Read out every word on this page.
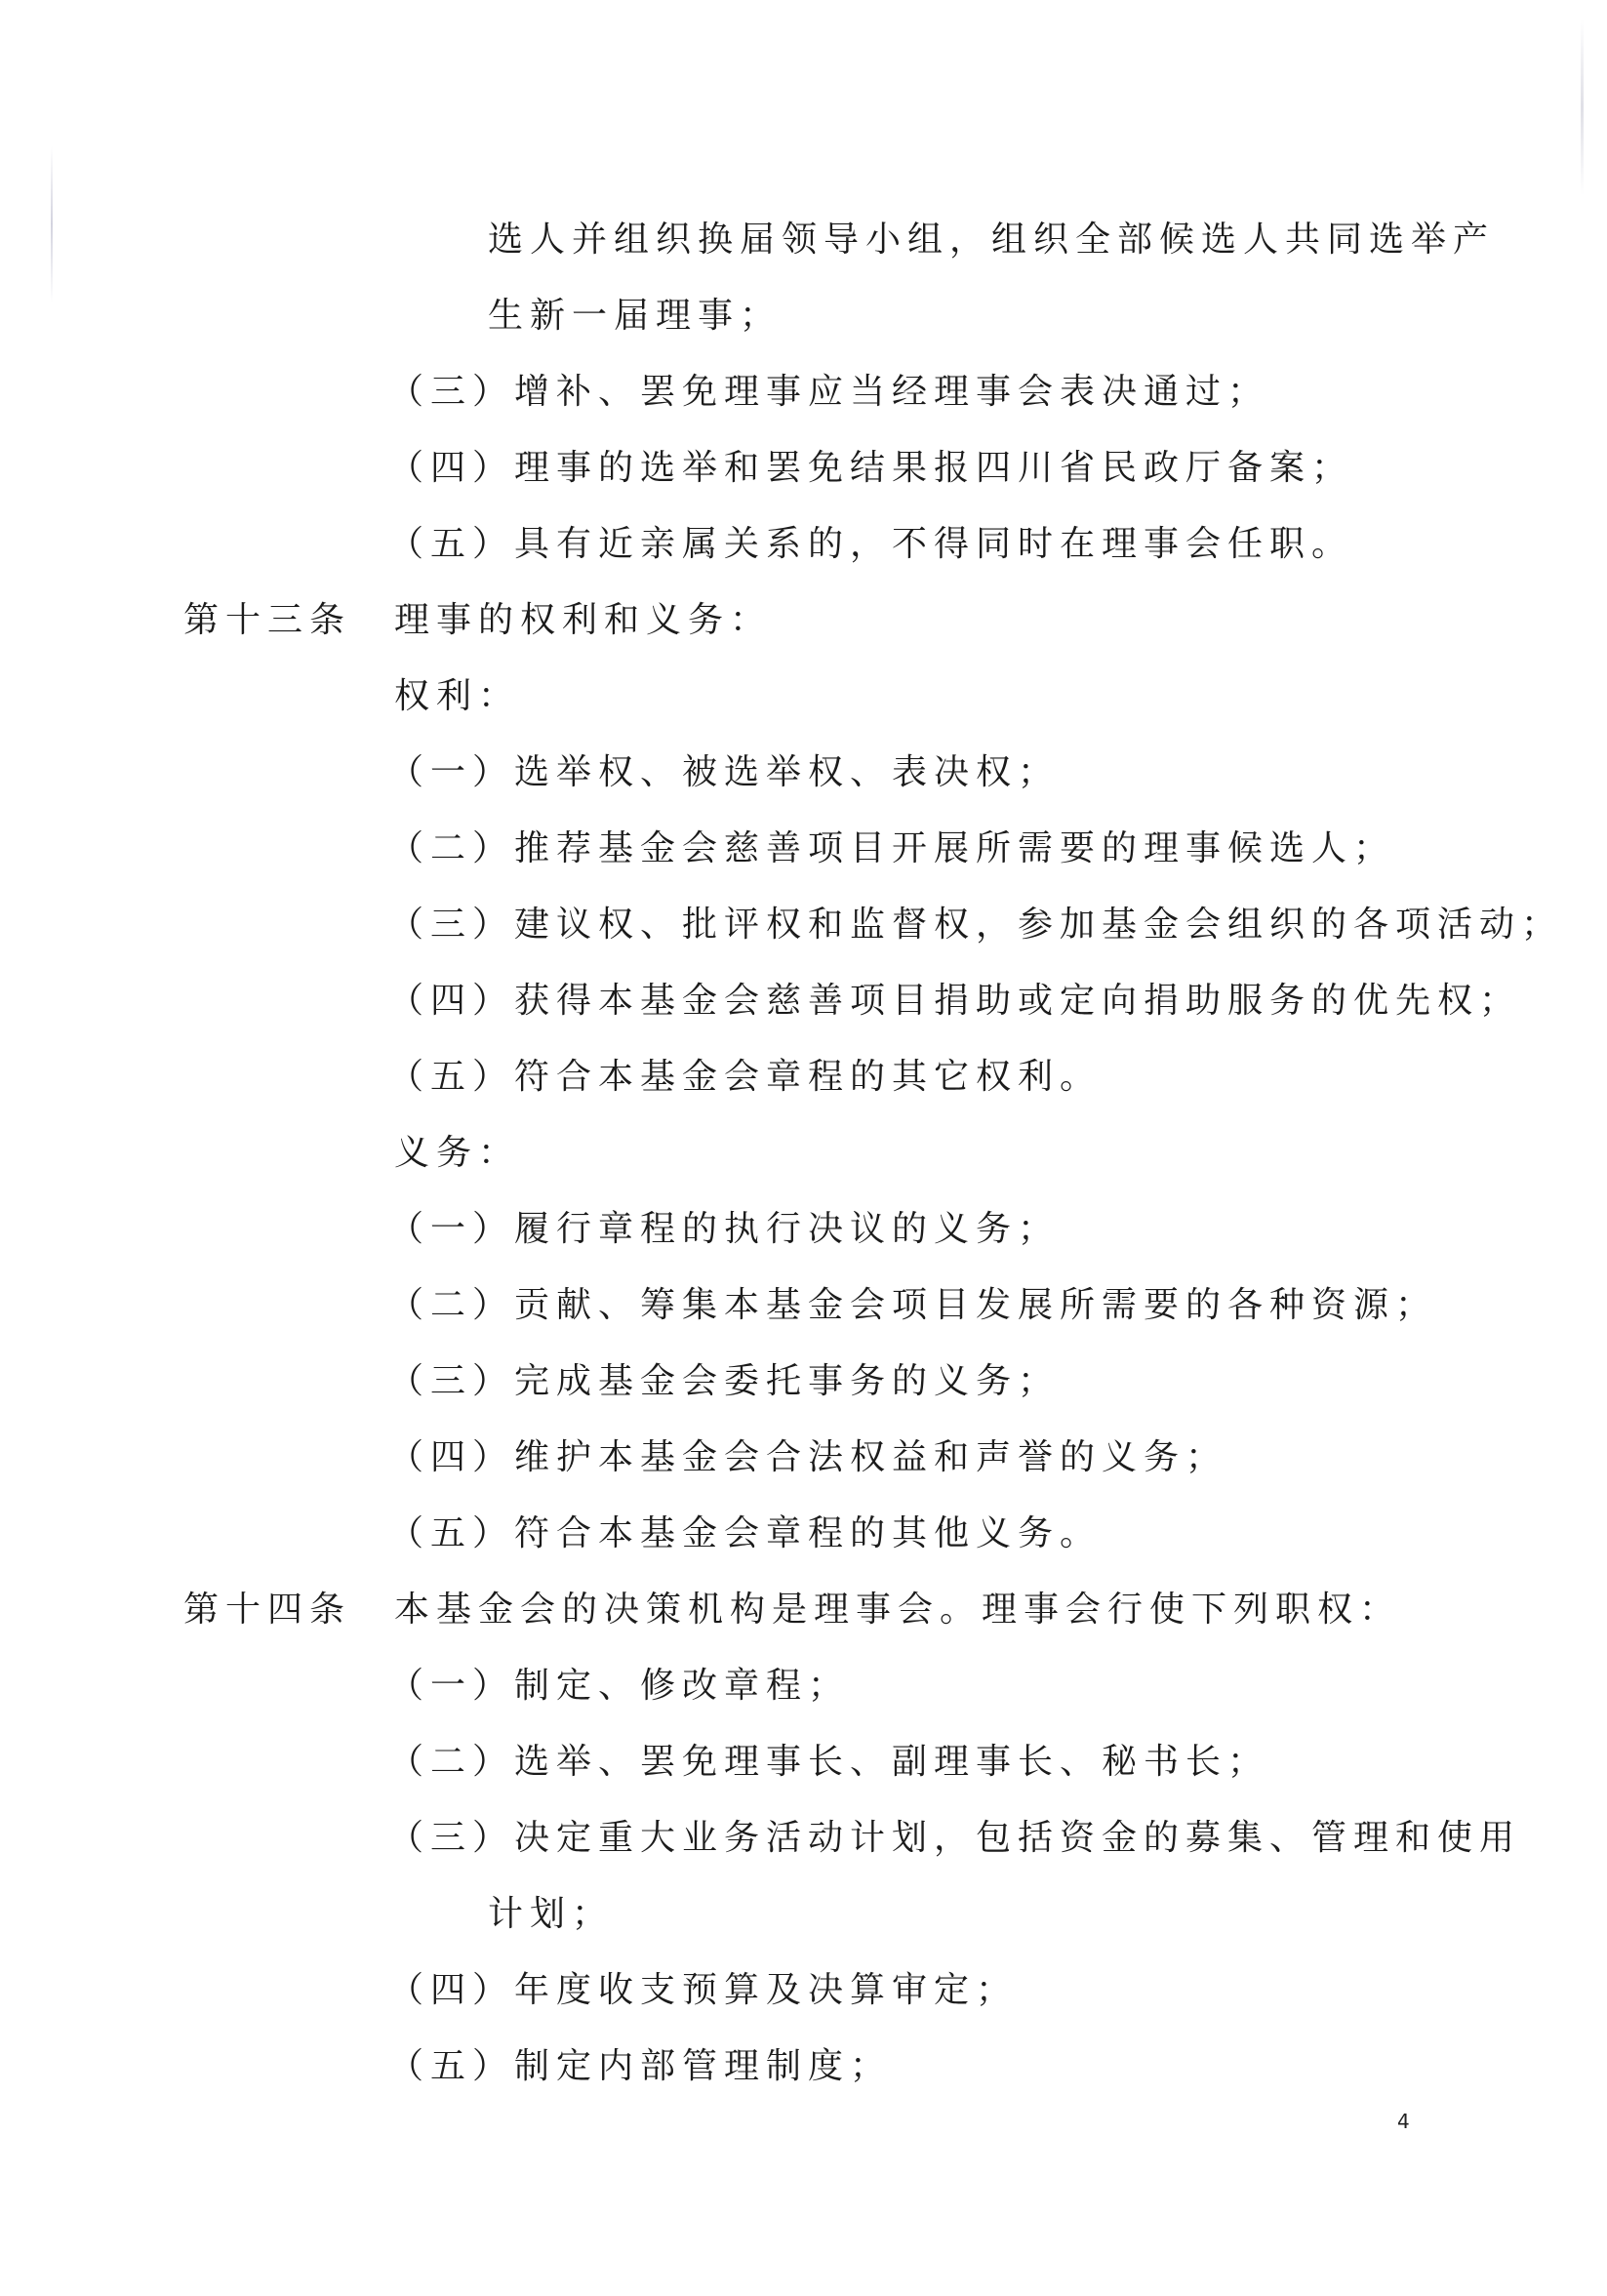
选人并组织换届领导小组，组织全部候选人共同选举产
生新一届理事；
（三）增补、罢免理事应当经理事会表决通过；
（四）理事的选举和罢免结果报四川省民政厅备案；
（五）具有近亲属关系的，不得同时在理事会任职。
第十三条 理事的权利和义务：
权利：
（一）选举权、被选举权、表决权；
（二）推荐基金会慈善项目开展所需要的理事候选人；
（三）建议权、批评权和监督权，参加基金会组织的各项活动；
（四）获得本基金会慈善项目捐助或定向捐助服务的优先权；
（五）符合本基金会章程的其它权利。
义务：
（一）履行章程的执行决议的义务；
（二）贡献、筹集本基金会项目发展所需要的各种资源；
（三）完成基金会委托事务的义务；
（四）维护本基金会合法权益和声誉的义务；
（五）符合本基金会章程的其他义务。
第十四条 本基金会的决策机构是理事会。理事会行使下列职权：
（一）制定、修改章程；
（二）选举、罢免理事长、副理事长、秘书长；
（三）决定重大业务活动计划，包括资金的募集、管理和使用
计划；
（四）年度收支预算及决算审定；
（五）制定内部管理制度；
4
